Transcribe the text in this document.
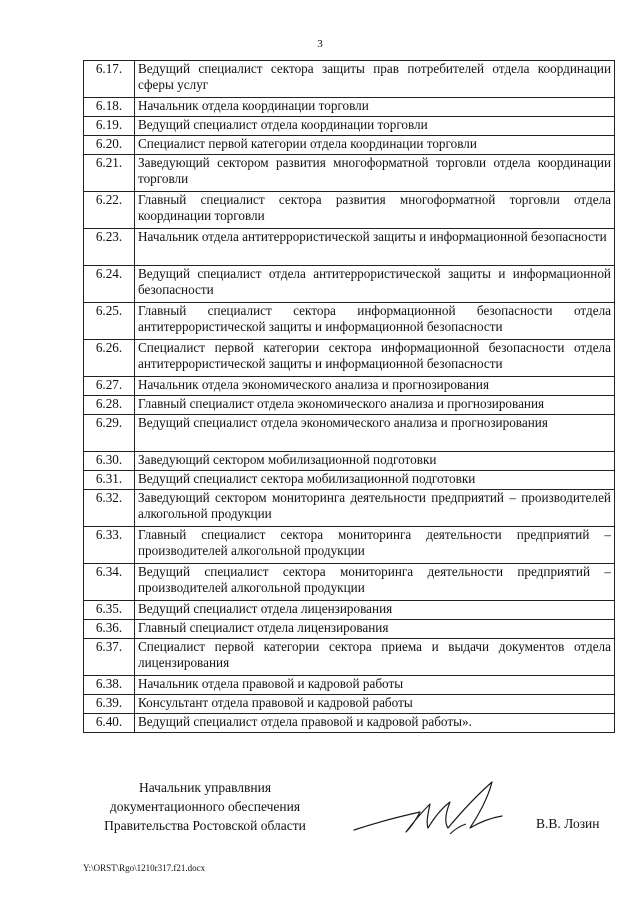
3
6.17.	Ведущий специалист сектора защиты прав потребителей отдела координации сферы услуг
6.18.	Начальник отдела координации торговли
6.19.	Ведущий специалист отдела координации торговли
6.20.	Специалист первой категории отдела координации торговли
6.21.	Заведующий сектором развития многоформатной торговли отдела координации торговли
6.22.	Главный специалист сектора развития многоформатной торговли отдела координации торговли
6.23.	Начальник отдела антитеррористической защиты и информационной безопасности
6.24.	Ведущий специалист отдела антитеррористической защиты и информационной безопасности
6.25.	Главный специалист сектора информационной безопасности отдела антитеррористической защиты и информационной безопасности
6.26.	Специалист первой категории сектора информационной безопасности отдела антитеррористической защиты и информационной безопасности
6.27.	Начальник отдела экономического анализа и прогнозирования
6.28.	Главный специалист отдела экономического анализа и прогнозирования
6.29.	Ведущий специалист отдела экономического анализа и прогнозирования
6.30.	Заведующий сектором мобилизационной подготовки
6.31.	Ведущий специалист сектора мобилизационной подготовки
6.32.	Заведующий сектором мониторинга деятельности предприятий – производителей алкогольной продукции
6.33.	Главный специалист сектора мониторинга деятельности предприятий – производителей алкогольной продукции
6.34.	Ведущий специалист сектора мониторинга деятельности предприятий – производителей алкогольной продукции
6.35.	Ведущий специалист отдела лицензирования
6.36.	Главный специалист отдела лицензирования
6.37.	Специалист первой категории сектора приема и выдачи документов отдела лицензирования
6.38.	Начальник отдела правовой и кадровой работы
6.39.	Консультант отдела правовой и кадровой работы
6.40.	Ведущий специалист отдела правовой и кадровой работы».
Начальник управлвния
документационного обеспечения
Правительства Ростовской области	В.В. Лозин
Y:\ORST\Rgo\1210r317.f21.docx
